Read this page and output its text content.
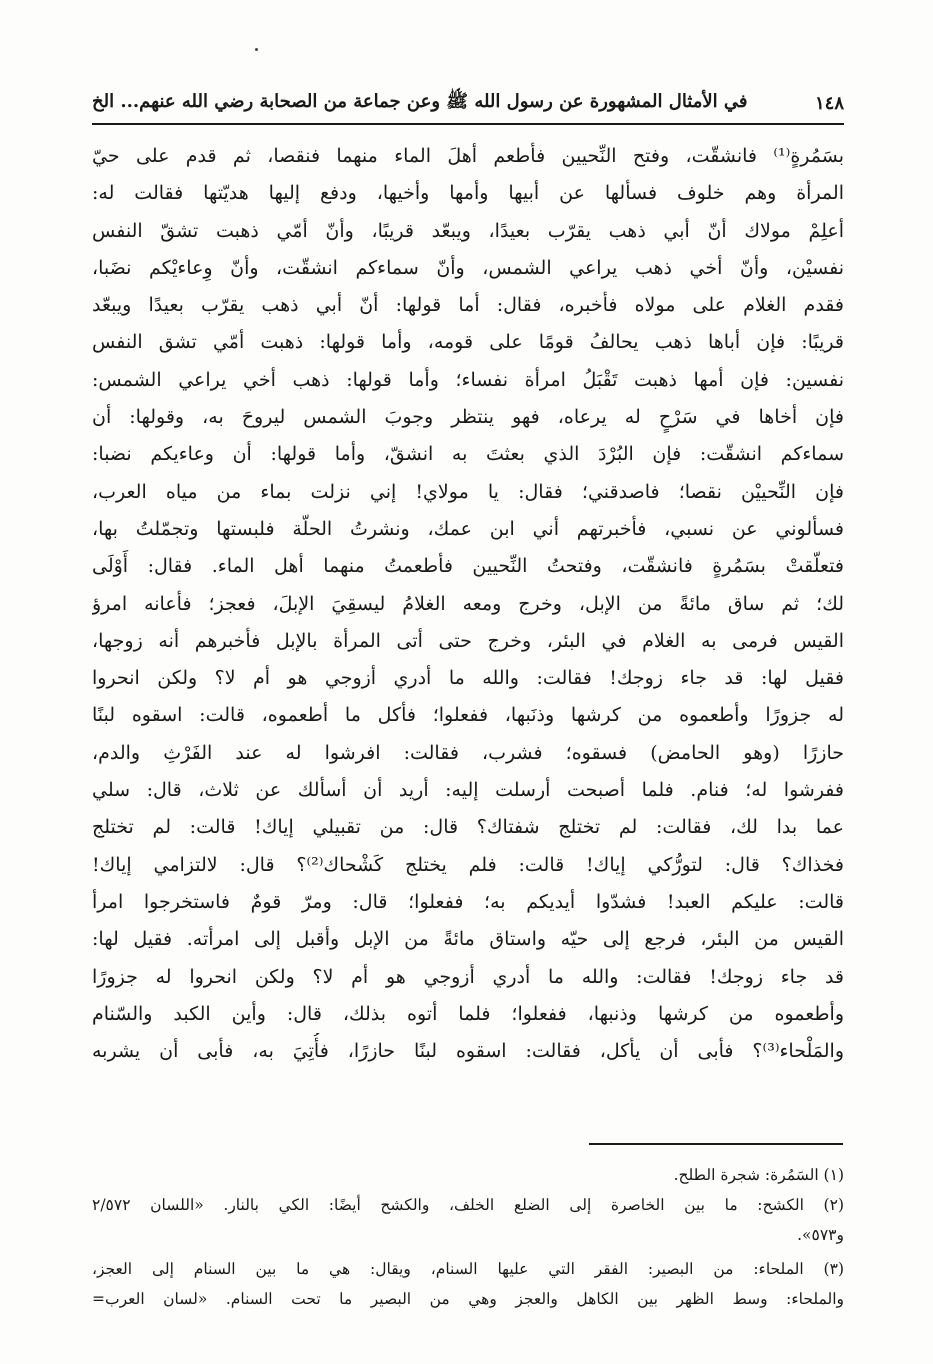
١٤٨
في الأمثال المشهورة عن رسول الله ﷺ وعن جماعة من الصحابة رضي الله عنهم... الخ
بسَمُرةٍ⁽¹⁾ فانشقّت، وفتح النِّحيين فأطعم أهلَ الماء منهما فنقصا، ثم قدم على حيّ
المرأة وهم خلوف فسألها عن أبيها وأمها وأخيها، ودفع إليها هديّتها فقالت له:
أعلِمْ مولاك أنّ أبي ذهب يقرّب بعيدًا، ويبعّد قريبًا، وأنّ أمّي ذهبت تشقّ النفس
نفسيْن، وأنّ أخي ذهب يراعي الشمس، وأنّ سماءكم انشقّت، وأنّ وِعاءيْكم نضَبا،
فقدم الغلام على مولاه فأخبره، فقال: أما قولها: أنّ أبي ذهب يقرّب بعيدًا ويبعّد
قريبًا: فإن أباها ذهب يحالفُ قومًا على قومه، وأما قولها: ذهبت أمّي تشق النفس
نفسين: فإن أمها ذهبت تَقْبَلُ امرأة نفساء؛ وأما قولها: ذهب أخي يراعي الشمس:
فإن أخاها في سَرْحٍ له يرعاه، فهو ينتظر وجوبَ الشمس ليروحَ به، وقولها: أن
سماءكم انشقّت: فإن البُرْدَ الذي بعثتَ به انشقّ، وأما قولها: أن وعاءيكم نضبا:
فإن النِّحييْن نقصا؛ فاصدقني؛ فقال: يا مولاي! إني نزلت بماء من مياه العرب،
فسألوني عن نسبي، فأخبرتهم أني ابن عمك، ونشرتُ الحلّة فلبستها وتجمّلتُ بها،
فتعلّقتْ بسَمُرةٍ فانشقّت، وفتحتُ النِّحيين فأطعمتُ منهما أهل الماء. فقال: أَوْلَى
لك؛ ثم ساق مائةً من الإبل، وخرج ومعه الغلامُ ليسقِيَ الإبلَ، فعجز؛ فأعانه امرؤ
القيس فرمى به الغلام في البئر، وخرج حتى أتى المرأة بالإبل فأخبرهم أنه زوجها،
فقيل لها: قد جاء زوجك! فقالت: والله ما أدري أزوجي هو أم لا؟ ولكن انحروا
له جزورًا وأطعموه من كرشها وذنَبها، ففعلوا؛ فأكل ما أطعموه، قالت: اسقوه لبنًا
حازرًا (وهو الحامض) فسقوه؛ فشرب، فقالت: افرشوا له عند الفَرْثِ والدم،
ففرشوا له؛ فنام. فلما أصبحت أرسلت إليه: أريد أن أسألك عن ثلاث، قال: سلي
عما بدا لك، فقالت: لم تختلج شفتاك؟ قال: من تقبيلي إياك! قالت: لم تختلج
فخذاك؟ قال: لتورُّكي إياك! قالت: فلم يختلج كَشْحاك⁽²⁾؟ قال: لالتزامي إياك!
قالت: عليكم العبد! فشدّوا أيديكم به؛ ففعلوا؛ قال: ومرّ قومٌ فاستخرجوا امرأ
القيس من البئر، فرجع إلى حيّه واستاق مائةً من الإبل وأقبل إلى امرأته. فقيل لها:
قد جاء زوجك! فقالت: والله ما أدري أزوجي هو أم لا؟ ولكن انحروا له جزورًا
وأطعموه من كرشها وذنبها، ففعلوا؛ فلما أتوه بذلك، قال: وأين الكبد والسّنام
والمَلْحاء⁽³⁾؟ فأبى أن يأكل، فقالت: اسقوه لبنًا حازرًا، فأُتِيَ به، فأبى أن يشربه
(١) السَمُرة: شجرة الطلح.
(٢) الكشح: ما بين الخاصرة إلى الضلع الخلف، والكشح أيضًا: الكي بالنار. «اللسان ٢/٥٧٢
و٥٧٣».
(٣) الملحاء: من البصير: الفقر التي عليها السنام، ويقال: هي ما بين السنام إلى العجز،
والملحاء: وسط الظهر بين الكاهل والعجز وهي من البصير ما تحت السنام. «لسان العرب=
